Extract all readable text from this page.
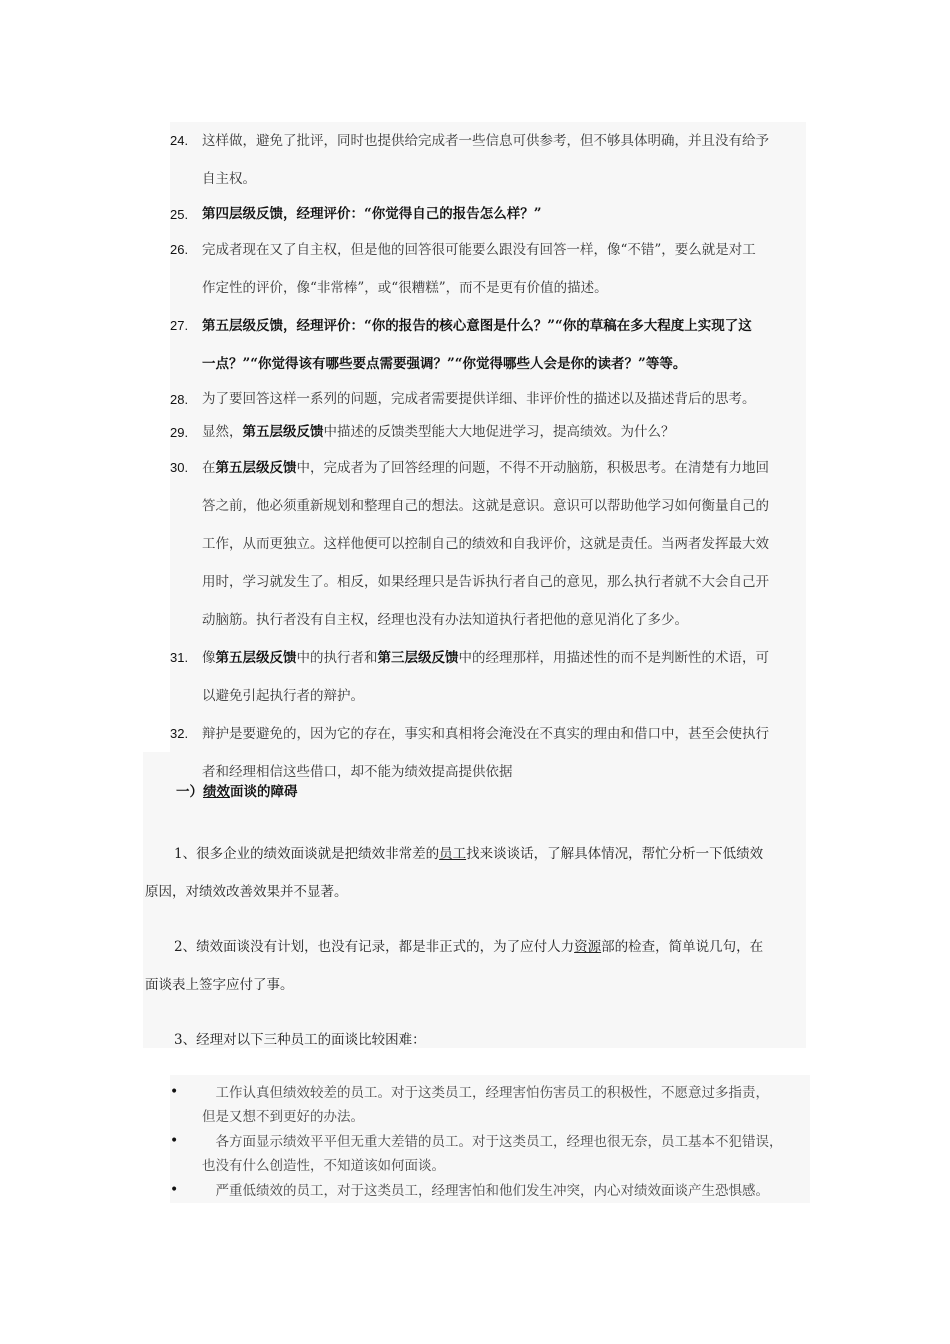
24.	这样做，避免了批评，同时也提供给完成者一些信息可供参考，但不够具体明确，并且没有给予
自主权。
25.	第四层级反馈，经理评价：“你觉得自己的报告怎么样？”
26.	完成者现在又了自主权，但是他的回答很可能要么跟没有回答一样，像“不错”，要么就是对工
作定性的评价，像“非常棒”，或“很糟糕”，而不是更有价值的描述。
27.	第五层级反馈，经理评价：“你的报告的核心意图是什么？”“你的草稿在多大程度上实现了这
一点？”“你觉得该有哪些要点需要强调？”“你觉得哪些人会是你的读者？”等等。
28.	为了要回答这样一系列的问题，完成者需要提供详细、非评价性的描述以及描述背后的思考。
29.	显然，第五层级反馈中描述的反馈类型能大大地促进学习，提高绩效。为什么？
30.	在第五层级反馈中，完成者为了回答经理的问题，不得不开动脑筋，积极思考。在清楚有力地回
答之前，他必须重新规划和整理自己的想法。这就是意识。意识可以帮助他学习如何衡量自己的
工作，从而更独立。这样他便可以控制自己的绩效和自我评价，这就是责任。当两者发挥最大效
用时，学习就发生了。相反，如果经理只是告诉执行者自己的意见，那么执行者就不大会自己开
动脑筋。执行者没有自主权，经理也没有办法知道执行者把他的意见消化了多少。
31.	像第五层级反馈中的执行者和第三层级反馈中的经理那样，用描述性的而不是判断性的术语，可
以避免引起执行者的辩护。
32.	辩护是要避免的，因为它的存在，事实和真相将会淹没在不真实的理由和借口中，甚至会使执行
者和经理相信这些借口，却不能为绩效提高提供依据
一）绩效面谈的障碍
1、很多企业的绩效面谈就是把绩效非常差的员工找来谈谈话，了解具体情况，帮忙分析一下低绩效
原因，对绩效改善效果并不显著。
2、绩效面谈没有计划，也没有记录，都是非正式的，为了应付人力资源部的检查，简单说几句，在
面谈表上签字应付了事。
3、经理对以下三种员工的面谈比较困难：
•	　工作认真但绩效较差的员工。对于这类员工，经理害怕伤害员工的积极性，不愿意过多指责，
但是又想不到更好的办法。
•	　各方面显示绩效平平但无重大差错的员工。对于这类员工，经理也很无奈，员工基本不犯错误，
也没有什么创造性，不知道该如何面谈。
•	　严重低绩效的员工，对于这类员工，经理害怕和他们发生冲突，内心对绩效面谈产生恐惧感。
